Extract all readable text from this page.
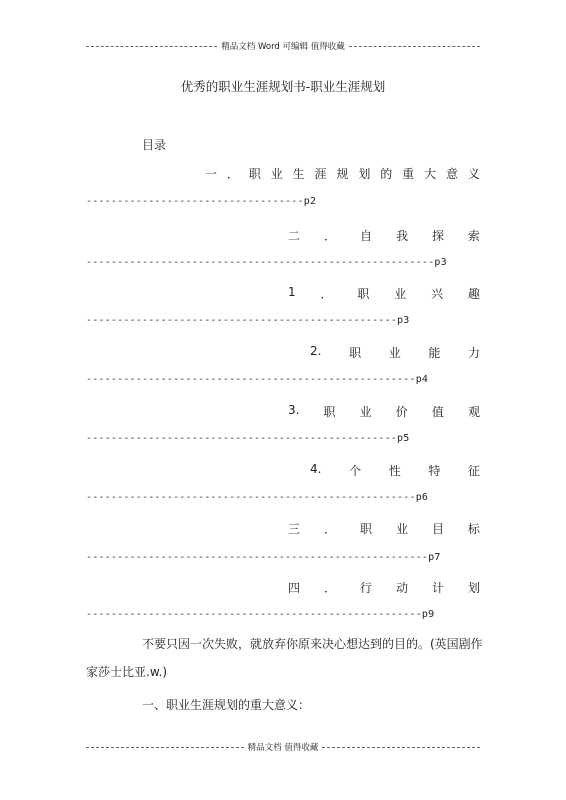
精品文档 Word 可编辑 值得收藏
优秀的职业生涯规划书-职业生涯规划
目录
一 ． 职 业 生 涯 规 划 的 重 大 意 义
-----------------------------------p2
二 ． 自 我 探 索
--------------------------------------------------------p3
1 ． 职 业 兴 趣
--------------------------------------------------p3
2. 职 业 能 力
-----------------------------------------------------p4
3. 职 业 价 值 观
--------------------------------------------------p5
4. 个 性 特 征
-----------------------------------------------------p6
三 ． 职 业 目 标
-------------------------------------------------------p7
四 ． 行 动 计 划
------------------------------------------------------p9
不要只因一次失败，就放弃你原来决心想达到的目的。(英国剧作家莎士比亚.w.)
一、职业生涯规划的重大意义：
精品文档 值得收藏
